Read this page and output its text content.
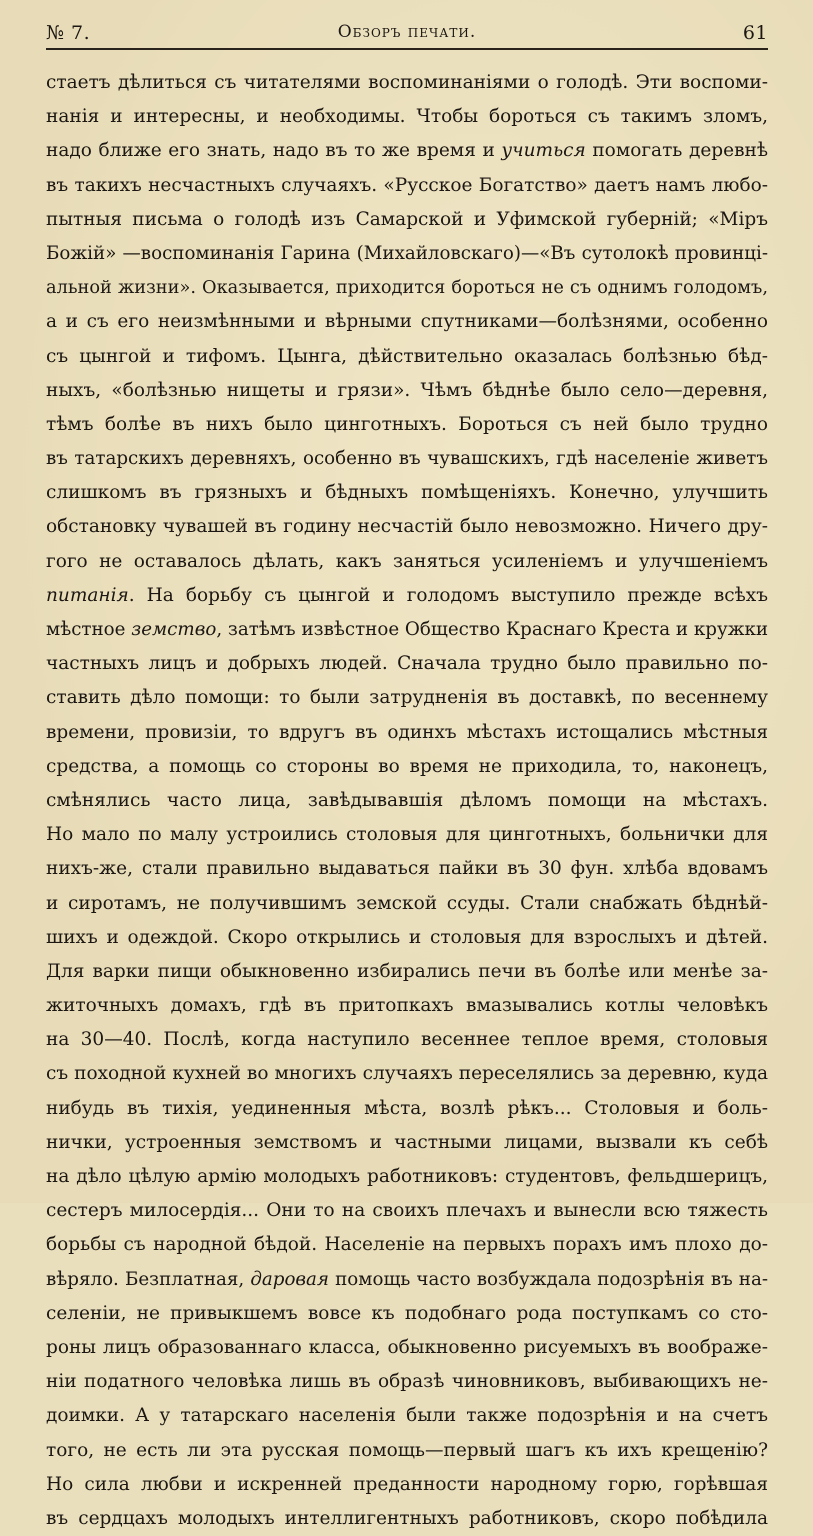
№ 7.	Обзоръ печати.	61
стаетъ дѣлиться съ читателями воспоминаніями о голодѣ. Эти воспоми-
нанія и интересны, и необходимы. Чтобы бороться съ такимъ зломъ,
надо ближе его знать, надо въ то же время и учиться помогать деревнѣ
въ такихъ несчастныхъ случаяхъ. «Русское Богатство» даетъ намъ любо-
пытныя письма о голодѣ изъ Самарской и Уфимской губерній; «Міръ
Божій» —воспоминанія Гарина (Михайловскаго)—«Въ сутолокѣ провинці-
альной жизни». Оказывается, приходится бороться не съ однимъ голодомъ,
а и съ его неизмѣнными и вѣрными спутниками—болѣзнями, особенно
съ цынгой и тифомъ. Цынга, дѣйствительно оказалась болѣзнью бѣд-
ныхъ, «болѣзнью нищеты и грязи». Чѣмъ бѣднѣе было село—деревня,
тѣмъ болѣе въ нихъ было цинготныхъ. Бороться съ ней было трудно
въ татарскихъ деревняхъ, особенно въ чувашскихъ, гдѣ населеніе живетъ
слишкомъ въ грязныхъ и бѣдныхъ помѣщеніяхъ. Конечно, улучшить
обстановку чувашей въ годину несчастій было невозможно. Ничего дру-
гого не оставалось дѣлать, какъ заняться усиленіемъ и улучшеніемъ
питанія. На борьбу съ цынгой и голодомъ выступило прежде всѣхъ
мѣстное земство, затѣмъ извѣстное Общество Краснаго Креста и кружки
частныхъ лицъ и добрыхъ людей. Сначала трудно было правильно по-
ставить дѣло помощи: то были затрудненія въ доставкѣ, по весеннему
времени, провизіи, то вдругъ въ одинхъ мѣстахъ истощались мѣстныя
средства, а помощь со стороны во время не приходила, то, наконецъ,
смѣнялись часто лица, завѣдывавшія дѣломъ помощи на мѣстахъ.
Но мало по малу устроились столовыя для цинготныхъ, больнички для
нихъ-же, стали правильно выдаваться пайки въ 30 фун. хлѣба вдовамъ
и сиротамъ, не получившимъ земской ссуды. Стали снабжать бѣднѣй-
шихъ и одеждой. Скоро открылись и столовыя для взрослыхъ и дѣтей.
Для варки пищи обыкновенно избирались печи въ болѣе или менѣе за-
житочныхъ домахъ, гдѣ въ притопкахъ вмазывались котлы человѣкъ
на 30—40. Послѣ, когда наступило весеннее теплое время, столовыя
съ походной кухней во многихъ случаяхъ переселялись за деревню, куда
нибудь въ тихія, уединенныя мѣста, возлѣ рѣкъ... Столовыя и боль-
нички, устроенныя земствомъ и частными лицами, вызвали къ себѣ
на дѣло цѣлую армію молодыхъ работниковъ: студентовъ, фельдшерицъ,
сестеръ милосердія... Они то на своихъ плечахъ и вынесли всю тяжесть
борьбы съ народной бѣдой. Населеніе на первыхъ порахъ имъ плохо до-
вѣряло. Безплатная, даровая помощь часто возбуждала подозрѣнія въ на-
селеніи, не привыкшемъ вовсе къ подобнаго рода поступкамъ со сто-
роны лицъ образованнаго класса, обыкновенно рисуемыхъ въ воображе-
ніи податного человѣка лишь въ образѣ чиновниковъ, выбивающихъ не-
доимки. А у татарскаго населенія были также подозрѣнія и на счетъ
того, не есть ли эта русская помощь—первый шагъ къ ихъ крещенію?
Но сила любви и искренней преданности народному горю, горѣвшая
въ сердцахъ молодыхъ интеллигентныхъ работниковъ, скоро побѣдила
